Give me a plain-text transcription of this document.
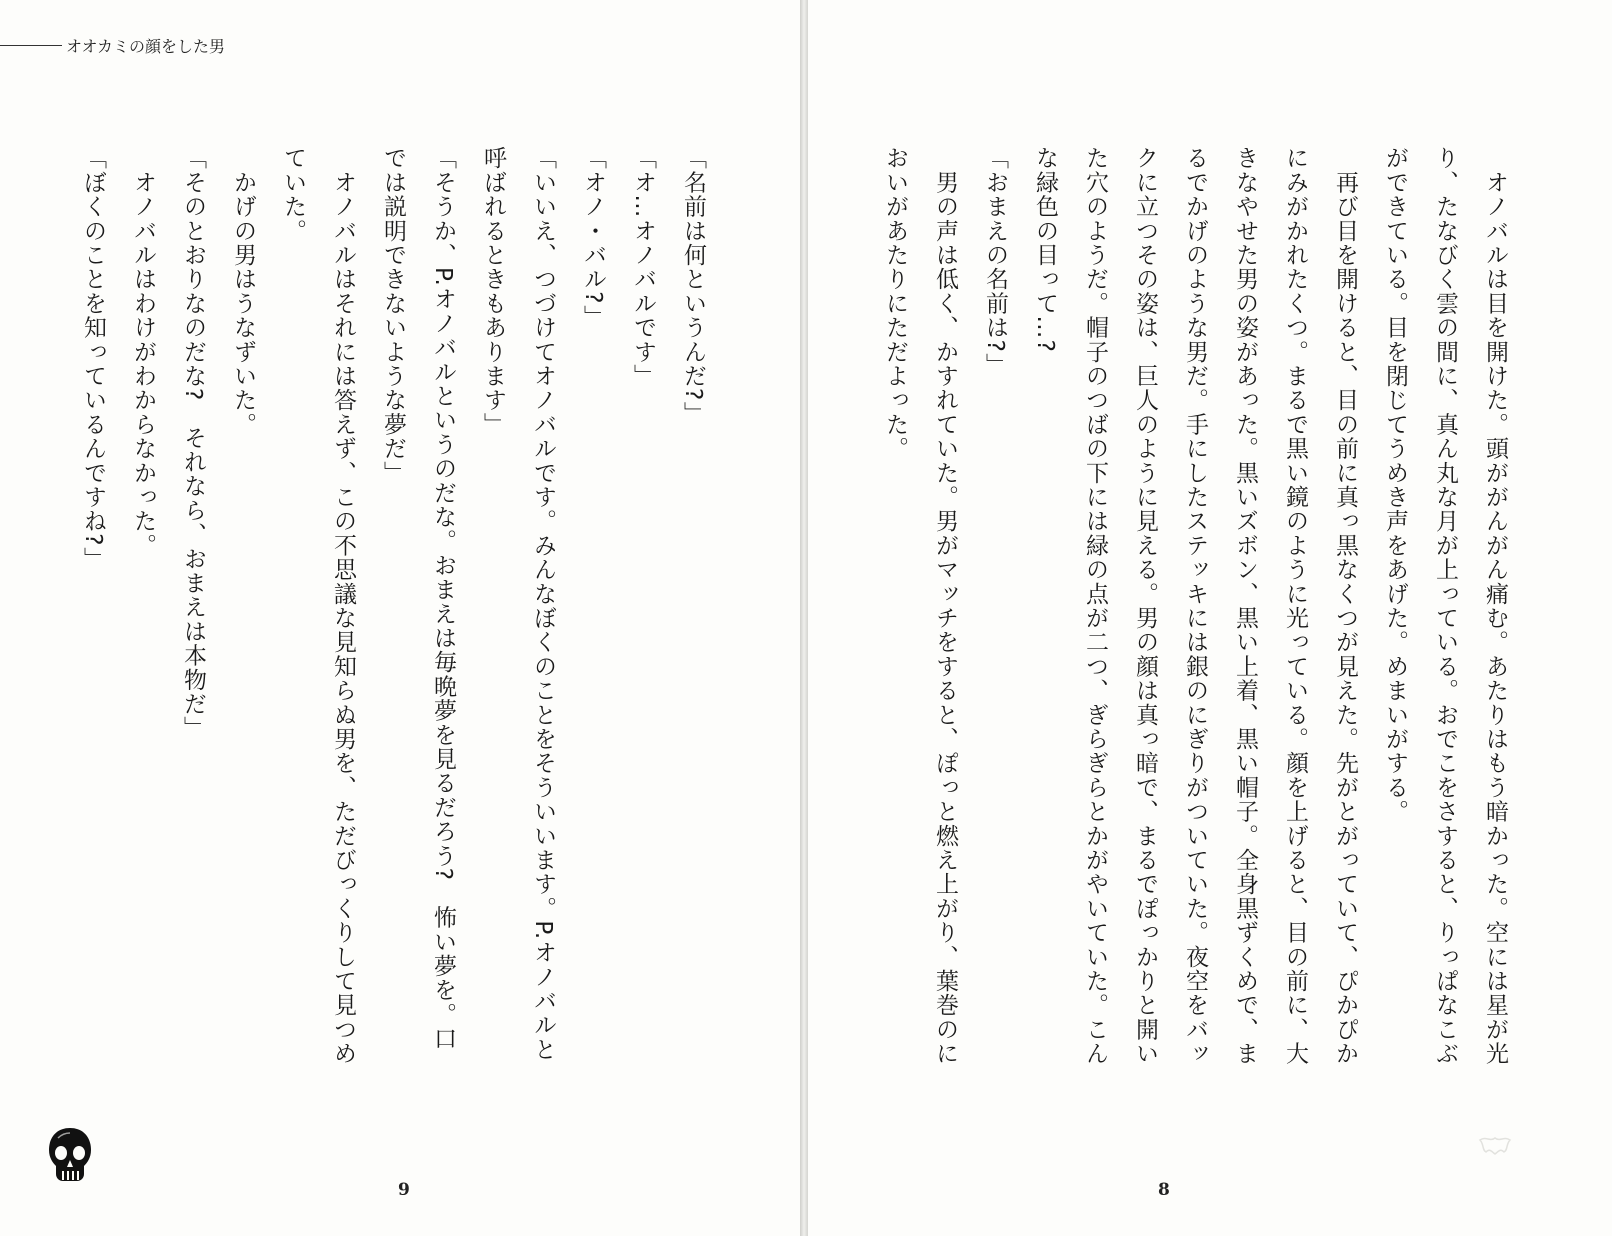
オオカミの顔をした男
「名前は何というんだ?」
「オ…オノバルです」
「オノ・バル?」
「いいえ、つづけてオノバルです。みんなぼくのことをそういいます。P.オノバルと
呼ばれるときもあります」
「そうか、P.オノバルというのだな。おまえは毎晩夢を見るだろう?　怖い夢を。口
では説明できないような夢だ」
　オノバルはそれには答えず、この不思議な見知らぬ男を、ただびっくりして見つめ
ていた。
　かげの男はうなずいた。
「そのとおりなのだな?　それなら、おまえは本物だ」
　オノバルはわけがわからなかった。
「ぼくのことを知っているんですね?」
9
　オノバルは目を開けた。頭ががんがん痛む。あたりはもう暗かった。空には星が光
り、たなびく雲の間に、真ん丸な月が上っている。おでこをさすると、りっぱなこぶ
ができている。目を閉じてうめき声をあげた。めまいがする。
　再び目を開けると、目の前に真っ黒なくつが見えた。先がとがっていて、ぴかぴか
にみがかれたくつ。まるで黒い鏡のように光っている。顔を上げると、目の前に、大
きなやせた男の姿があった。黒いズボン、黒い上着、黒い帽子。全身黒ずくめで、ま
るでかげのような男だ。手にしたステッキには銀のにぎりがついていた。夜空をバッ
クに立つその姿は、巨人のように見える。男の顔は真っ暗で、まるでぽっかりと開い
た穴のようだ。帽子のつばの下には緑の点が二つ、ぎらぎらとかがやいていた。こん
な緑色の目って…?
「おまえの名前は?」
　男の声は低く、かすれていた。男がマッチをすると、ぽっと燃え上がり、葉巻のに
おいがあたりにただよった。
8
